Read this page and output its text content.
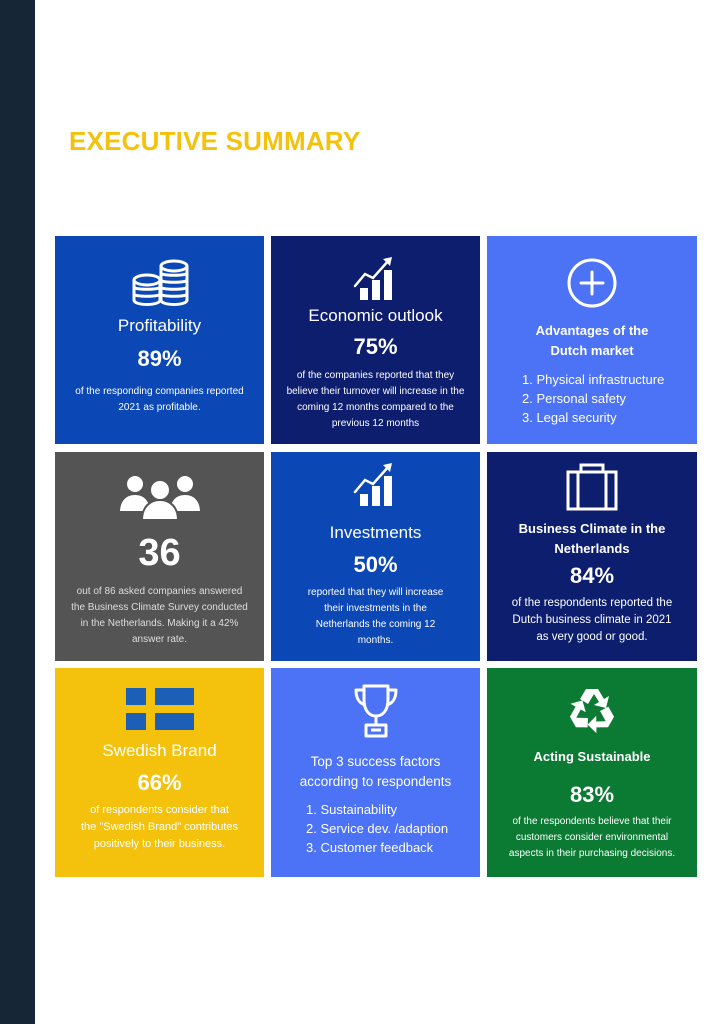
EXECUTIVE SUMMARY

Profitability

89%

of the responding companies reported
2021 as profitable.

Economic outlook

75%

of the companies reported that they
believe their turnover will increase in the
coming 12 months compared to the
previous 12 months

Advantages of the
Dutch market

1. Physical infrastructure
2. Personal safety
3. Legal security

36

out of 86 asked companies answered
the Business Climate Survey conducted
in the Netherlands. Making it a 42%
answer rate.

Investments

50%

reported that they will increase
their investments in the
Netherlands the coming 12
months.

Business Climate in the
Netherlands

84%

of the respondents reported the
Dutch business climate in 2021
as very good or good.

Swedish Brand

66%

of respondents consider that
the "Swedish Brand" contributes
positively to their business.

Top 3 success factors
according to respondents

1. Sustainability
2. Service dev. /adaption
3. Customer feedback

Acting Sustainable

83%

of the respondents believe that their
customers consider environmental
aspects in their purchasing decisions.
